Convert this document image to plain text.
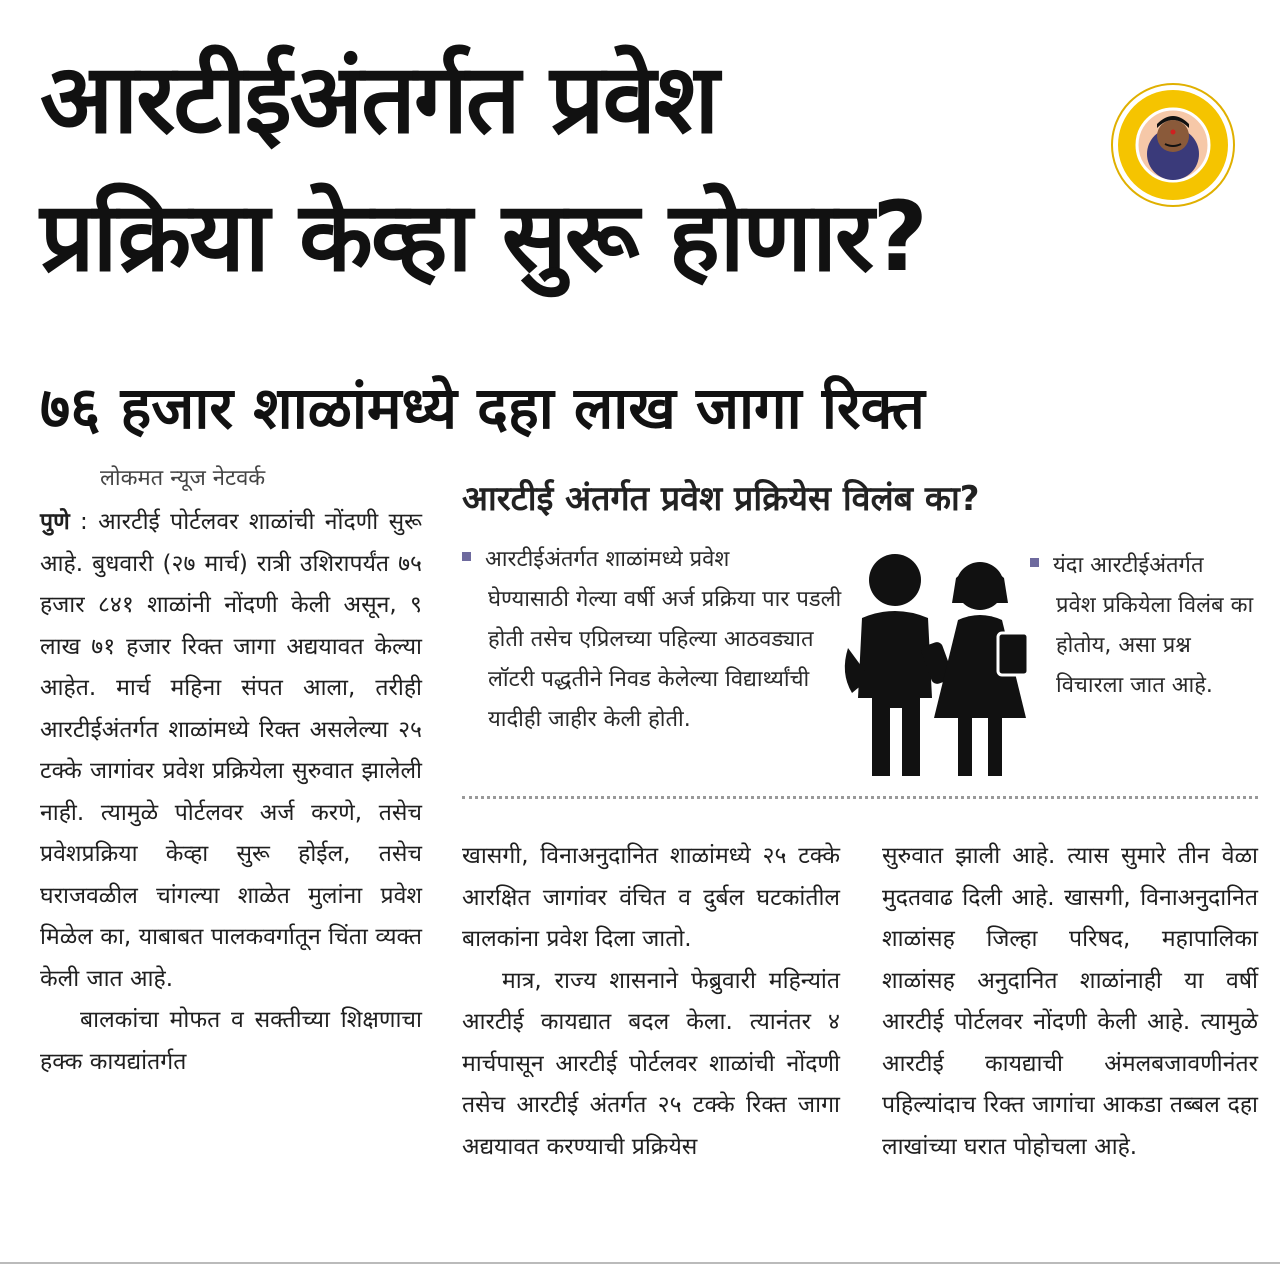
आरटीईअंतर्गत प्रवेश
प्रक्रिया केव्हा सुरू होणार?
७६ हजार शाळांमध्ये दहा लाख जागा रिक्त
लोकमत न्यूज नेटवर्क

पुणे : आरटीई पोर्टलवर शाळांची नोंदणी सुरू आहे. बुधवारी (२७ मार्च) रात्री उशिरापर्यंत ७५ हजार ८४१ शाळांनी नोंदणी केली असून, ९ लाख ७१ हजार रिक्त जागा अद्ययावत केल्या आहेत. मार्च महिना संपत आला, तरीही आरटीईअंतर्गत शाळांमध्ये रिक्त असलेल्या २५ टक्के जागांवर प्रवेश प्रक्रियेला सुरुवात झालेली नाही. त्यामुळे पोर्टलवर अर्ज करणे, तसेच प्रवेशप्रक्रिया केव्हा सुरू होईल, तसेच घराजवळील चांगल्या शाळेत मुलांना प्रवेश मिळेल का, याबाबत पालकवर्गातून चिंता व्यक्त केली जात आहे.

बालकांचा मोफत व सक्तीच्या शिक्षणाचा हक्क कायद्यांतर्गत

आरटीई अंतर्गत प्रवेश प्रक्रियेस विलंब का?
आरटीईअंतर्गत शाळांमध्ये प्रवेश
घेण्यासाठी गेल्या वर्षी अर्ज प्रक्रिया पार पडली होती तसेच एप्रिलच्या पहिल्या आठवड्यात लॉटरी पद्धतीने निवड केलेल्या विद्यार्थ्यांची यादीही जाहीर केली होती.
यंदा आरटीईअंतर्गत
प्रवेश प्रकियेला विलंब का होतोय, असा प्रश्न विचारला जात आहे.

खासगी, विनाअनुदानित शाळांमध्ये २५ टक्के आरक्षित जागांवर वंचित व दुर्बल घटकांतील बालकांना प्रवेश दिला जातो.

मात्र, राज्य शासनाने फेब्रुवारी महिन्यांत आरटीई कायद्यात बदल केला. त्यानंतर ४ मार्चपासून आरटीई पोर्टलवर शाळांची नोंदणी तसेच आरटीई अंतर्गत २५ टक्के रिक्त जागा अद्ययावत करण्याची प्रक्रियेस

सुरुवात झाली आहे. त्यास सुमारे तीन वेळा मुदतवाढ दिली आहे. खासगी, विनाअनुदानित शाळांसह जिल्हा परिषद, महापालिका शाळांसह अनुदानित शाळांनाही या वर्षी आरटीई पोर्टलवर नोंदणी केली आहे. त्यामुळे आरटीई कायद्याची अंमलबजावणीनंतर पहिल्यांदाच रिक्त जागांचा आकडा तब्बल दहा लाखांच्या घरात पोहोचला आहे.
